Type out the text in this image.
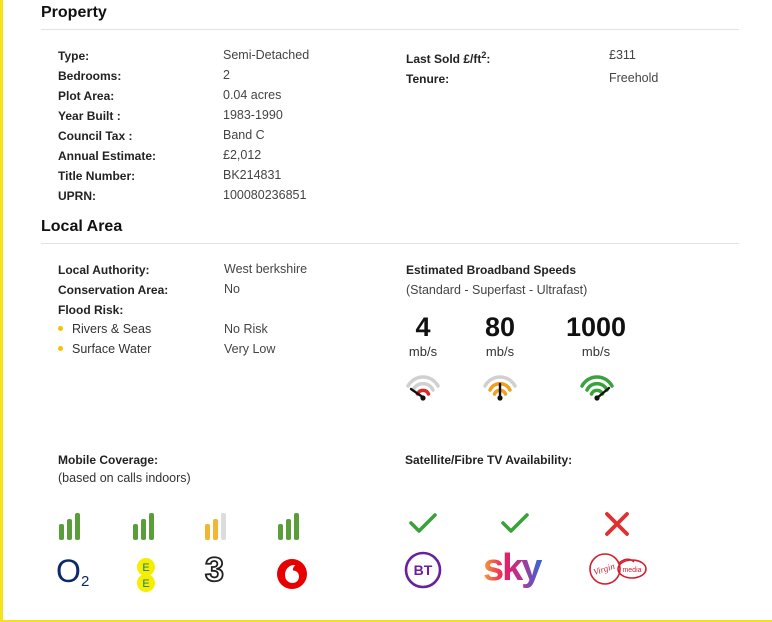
Property
Type:	Semi-Detached
Bedrooms:	2
Plot Area:	0.04 acres
Year Built :	1983-1990
Council Tax :	Band C
Annual Estimate:	£2,012
Title Number:	BK214831
UPRN:	100080236851
Last Sold $£/ft^2$:	£311
Tenure:	Freehold
Local Area
Local Authority:	West berkshire
Conservation Area:	No
Flood Risk:
Rivers & Seas	No Risk
Surface Water	Very Low
Estimated Broadband Speeds
(Standard - Superfast - Ultrafast)
4
mb/s
80
mb/s
1000
mb/s
Mobile Coverage:
(based on calls indoors)
O 2
E
E 3
Satellite/Fibre TV Availability:
BT sky	Virgin media
